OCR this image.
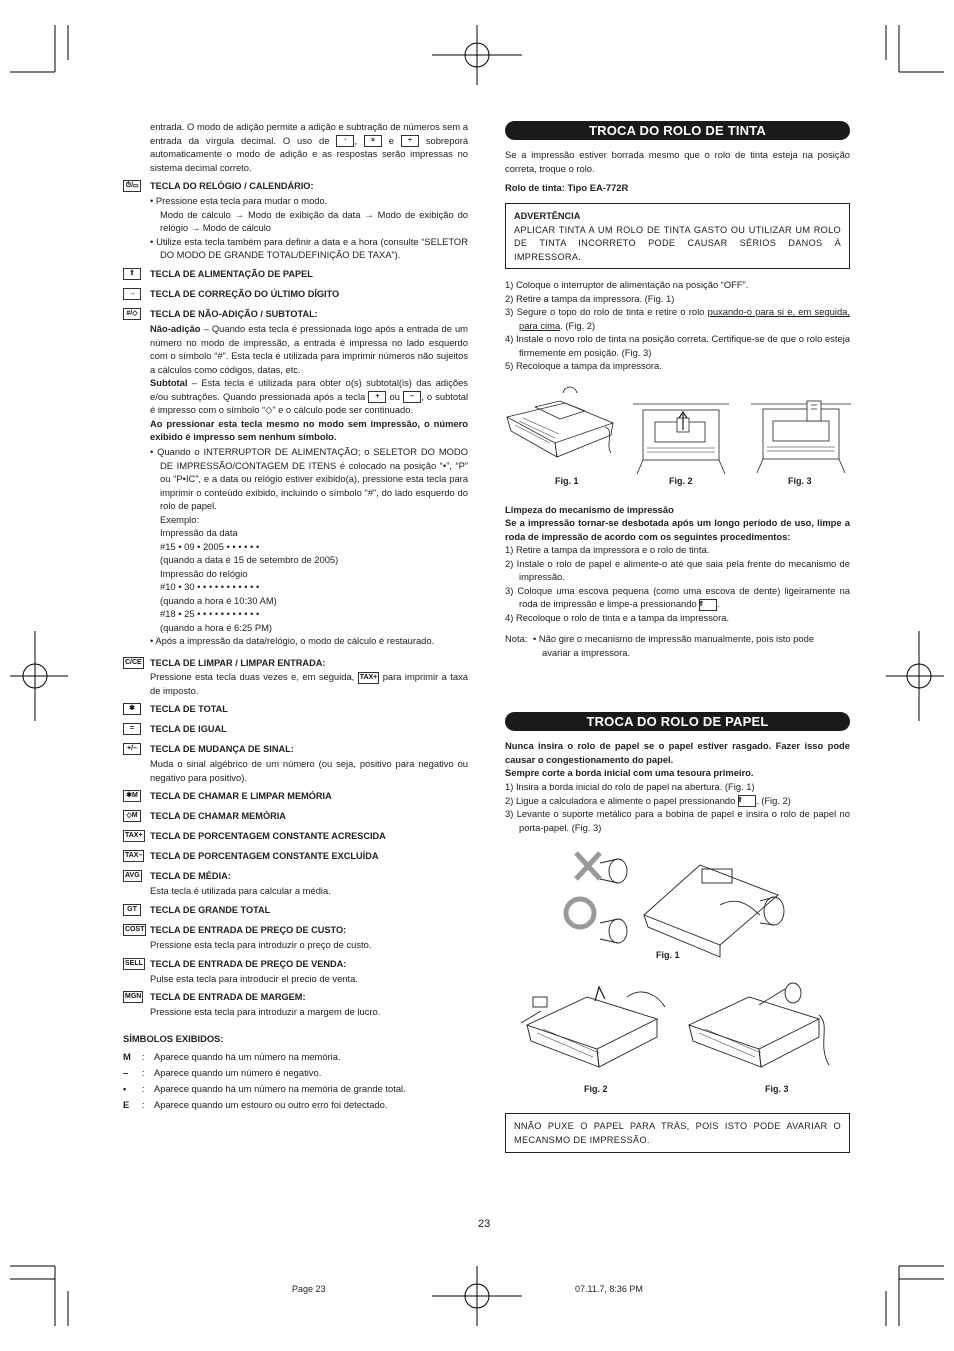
entrada. O modo de adição permite a adição e subtração de números sem a entrada da vírgula decimal. O uso de · , × e ÷ sobreporá automaticamente o modo de adição e as respostas serão impressas no sistema decimal correto.
⏱/▭ TECLA DO RELÓGIO / CALENDÁRIO:
• Pressione esta tecla para mudar o modo.
Modo de cálculo → Modo de exibição da data → Modo de exibição do relógio → Modo de cálculo
• Utilize esta tecla também para definir a data e a hora (consulte “SELETOR DO MODO DE GRANDE TOTAL/DEFINIÇÃO DE TAXA”).
⇑	TECLA DE ALIMENTAÇÃO DE PAPEL
→	TECLA DE CORREÇÃO DO ÚLTIMO DÍGITO
#/◇	TECLA DE NÃO-ADIÇÃO / SUBTOTAL:
Não-adição – Quando esta tecla é pressionada logo após a entrada de um número no modo de impressão, a entrada é impressa no lado esquerdo com o símbolo “#”. Esta tecla é utilizada para imprimir números não sujeitos a cálculos como códigos, datas, etc.
Subtotal – Esta tecla é utilizada para obter o(s) subtotal(is) das adições e/ou subtrações. Quando pressionada após a tecla + ou – , o subtotal é impresso com o símbolo “◇” e o cálculo pode ser continuado.
Ao pressionar esta tecla mesmo no modo sem impressão, o número exibido é impresso sem nenhum símbolo.
• Quando o INTERRUPTOR DE ALIMENTAÇÃO; o SELETOR DO MODO DE IMPRESSÃO/CONTAGEM DE ITENS é colocado na posição “•”, “P” ou “P•IC”, e a data ou relógio estiver exibido(a), pressione esta tecla para imprimir o conteúdo exibido, incluindo o símbolo “#”, do lado esquerdo do rolo de papel.
Exemplo:
Impressão da data
#15 • 09 • 2005 • • • • • •
(quando a data é 15 de setembro de 2005)
Impressão do relógio
#10 • 30 • • • • • • • • • • •
(quando a hora é 10:30 AM)
#18 • 25 • • • • • • • • • • •
(quando a hora é 6:25 PM)
• Após a impressão da data/relógio, o modo de cálculo é restaurado.
C/CE TECLA DE LIMPAR / LIMPAR ENTRADA:
Pressione esta tecla duas vezes e, em seguida, TAX+ para imprimir a taxa de imposto.
✱	TECLA DE TOTAL
=	TECLA DE IGUAL
+/–	TECLA DE MUDANÇA DE SINAL:
Muda o sinal algébrico de um número (ou seja, positivo para negativo ou negativo para positivo).
✱M	TECLA DE CHAMAR E LIMPAR MEMÓRIA
◇M	TECLA DE CHAMAR MEMÓRIA
TAX+ TECLA DE PORCENTAGEM CONSTANTE ACRESCIDA
TAX– TECLA DE PORCENTAGEM CONSTANTE EXCLUÍDA
AVG TECLA DE MÉDIA:
Esta tecla é utilizada para calcular a média.
GT	TECLA DE GRANDE TOTAL
COST TECLA DE ENTRADA DE PREÇO DE CUSTO:
Pressione esta tecla para introduzir o preço de custo.
SELL TECLA DE ENTRADA DE PREÇO DE VENDA:
Pulse esta tecla para introducir el precio de venta.
MGN TECLA DE ENTRADA DE MARGEM:
Pressione esta tecla para introduzir a margem de lucro.
SÍMBOLOS EXIBIDOS:
M : Aparece quando há um número na memória.
– : Aparece quando um número é negativo.
• : Aparece quando há um número na memória de grande total.
E : Aparece quando um estouro ou outro erro foi detectado.
TROCA DO ROLO DE TINTA
Se a impressão estiver borrada mesmo que o rolo de tinta esteja na posição correta, troque o rolo.
Rolo de tinta: Tipo EA-772R
ADVERTÊNCIA
APLICAR TINTA A UM ROLO DE TINTA GASTO OU UTILIZAR UM ROLO DE TINTA INCORRETO PODE CAUSAR SÉRIOS DANOS À IMPRESSORA.
1) Coloque o interruptor de alimentação na posição “OFF”.
2) Retire a tampa da impressora. (Fig. 1)
3) Segure o topo do rolo de tinta e retire o rolo puxando-o para si e, em seguida, para cima. (Fig. 2)
4) Instale o novo rolo de tinta na posição correta. Certifique-se de que o rolo esteja firmemente em posição. (Fig. 3)
5) Recoloque a tampa da impressora.
Fig. 1	Fig. 2	Fig. 3
Limpeza do mecanismo de impressão
Se a impressão tornar-se desbotada após um longo período de uso, limpe a roda de impressão de acordo com os seguintes procedimentos:
1) Retire a tampa da impressora e o rolo de tinta.
2) Instale o rolo de papel e alimente-o até que saia pela frente do mecanismo de impressão.
3) Coloque uma escova pequena (como uma escova de dente) ligeiramente na roda de impressão e limpe-a pressionando ⇑ .
4) Recoloque o rolo de tinta e a tampa da impressora.
Nota: • Não gire o mecanismo de impressão manualmente, pois isto pode avariar a impressora.
TROCA DO ROLO DE PAPEL
Nunca insira o rolo de papel se o papel estiver rasgado. Fazer isso pode causar o congestionamento do papel.
Sempre corte a borda inicial com uma tesoura primeiro.
1) Insira a borda inicial do rolo de papel na abertura. (Fig. 1)
2) Ligue a calculadora e alimente o papel pressionando ⇑ . (Fig. 2)
3) Levante o suporte metálico para a bobina de papel e insira o rolo de papel no porta-papel. (Fig. 3)
Fig. 1
Fig. 2	Fig. 3
NNÃO PUXE O PAPEL PARA TRÁS, POIS ISTO PODE AVARIAR O MECANSMO DE IMPRESSÃO.
23
Page 23	07.11.7, 8:36 PM
